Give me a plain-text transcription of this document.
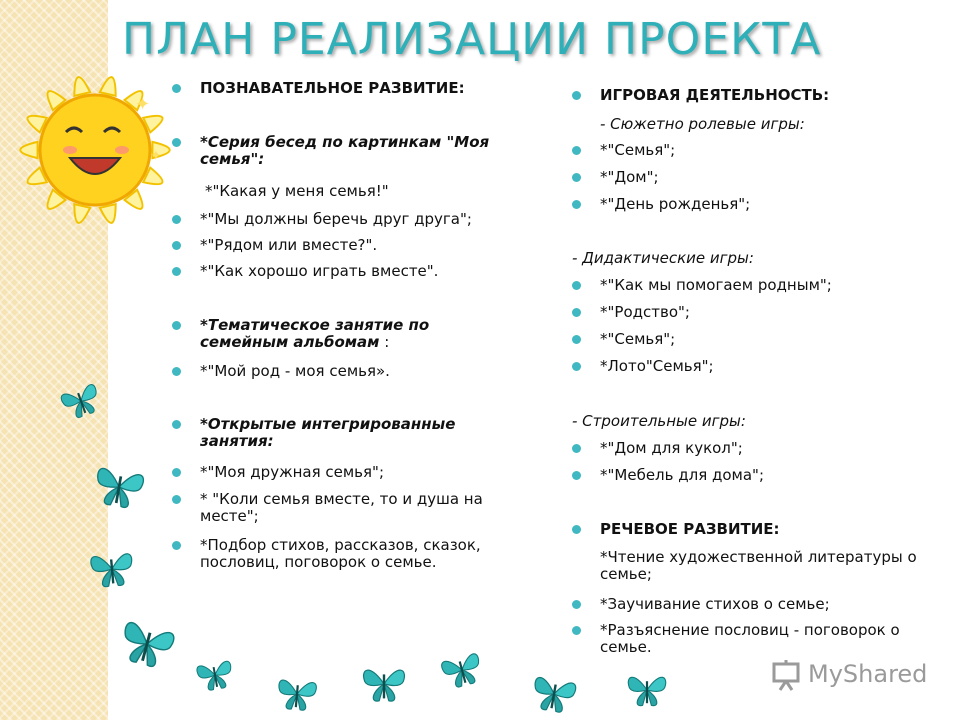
✦
✦
ПЛАН РЕАЛИЗАЦИИ ПРОЕКТА
ПОЗНАВАТЕЛЬНОЕ РАЗВИТИЕ:
*Серия бесед по картинкам "Моя семья":
*"Какая у меня семья!"
*"Мы должны беречь друг друга";
*"Рядом или вместе?".
*"Как хорошо играть вместе".
*Тематическое занятие по семейным альбомам :
*"Мой род - моя семья».
*Открытые интегрированные занятия:
*"Моя дружная семья";
* "Коли семья вместе, то и душа на месте";
*Подбор стихов, рассказов, сказок, пословиц, поговорок о семье.
ИГРОВАЯ ДЕЯТЕЛЬНОСТЬ:
- Сюжетно ролевые игры:
*"Семья";
*"Дом";
*"День рожденья";
- Дидактические игры:
*"Как мы помогаем родным";
*"Родство";
*"Семья";
*Лото"Семья";
- Строительные игры:
*"Дом для кукол";
*"Мебель для дома";
РЕЧЕВОЕ РАЗВИТИЕ:
*Чтение художественной литературы о семье;
*Заучивание стихов о семье;
*Разъяснение пословиц - поговорок о семье.
MyShared
